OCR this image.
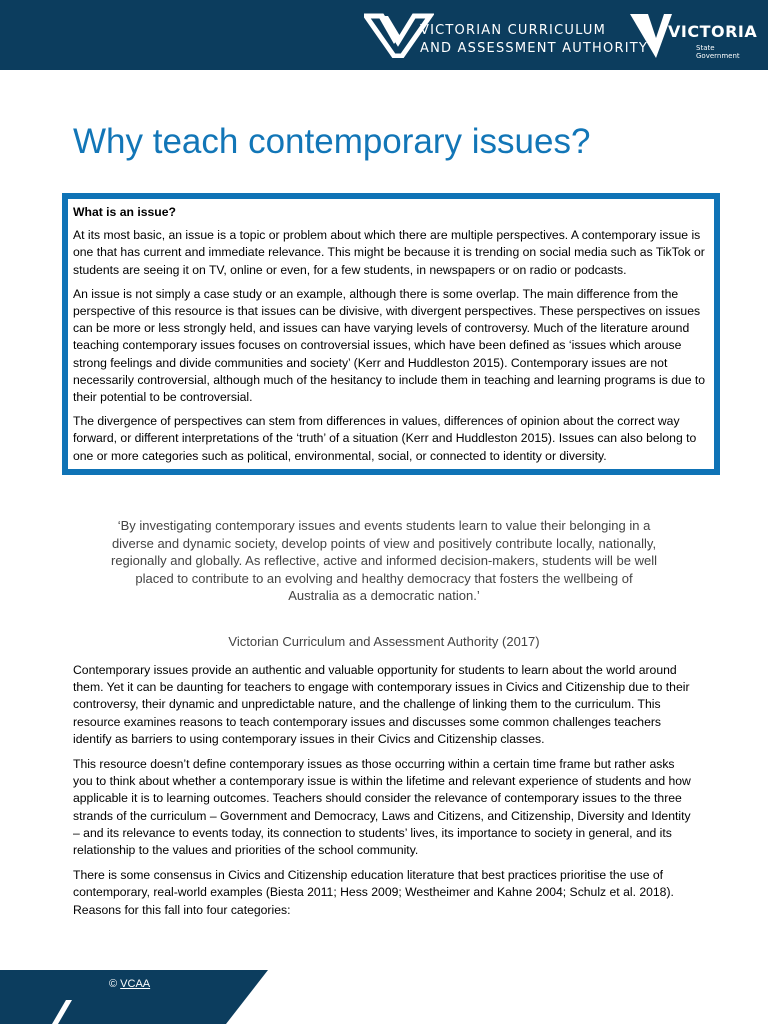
VICTORIAN CURRICULUM
AND ASSESSMENT AUTHORITY
VICTORIA
State
Government
Why teach contemporary issues?

What is an issue?

At its most basic, an issue is a topic or problem about which there are multiple perspectives. A contemporary issue is one that has current and immediate relevance. This might be because it is trending on social media such as TikTok or students are seeing it on TV, online or even, for a few students, in newspapers or on radio or podcasts.

An issue is not simply a case study or an example, although there is some overlap. The main difference from the perspective of this resource is that issues can be divisive, with divergent perspectives. These perspectives on issues can be more or less strongly held, and issues can have varying levels of controversy. Much of the literature around teaching contemporary issues focuses on controversial issues, which have been defined as ‘issues which arouse strong feelings and divide communities and society’ (Kerr and Huddleston 2015). Contemporary issues are not necessarily controversial, although much of the hesitancy to include them in teaching and learning programs is due to their potential to be controversial.

The divergence of perspectives can stem from differences in values, differences of opinion about the correct way forward, or different interpretations of the ‘truth’ of a situation (Kerr and Huddleston 2015). Issues can also belong to one or more categories such as political, environmental, social, or connected to identity or diversity.

‘By investigating contemporary issues and events students learn to value their belonging in a diverse and dynamic society, develop points of view and positively contribute locally, nationally, regionally and globally. As reflective, active and informed decision-makers, students will be well placed to contribute to an evolving and healthy democracy that fosters the wellbeing of Australia as a democratic nation.’
Victorian Curriculum and Assessment Authority (2017)

Contemporary issues provide an authentic and valuable opportunity for students to learn about the world around them. Yet it can be daunting for teachers to engage with contemporary issues in Civics and Citizenship due to their controversy, their dynamic and unpredictable nature, and the challenge of linking them to the curriculum. This resource examines reasons to teach contemporary issues and discusses some common challenges teachers identify as barriers to using contemporary issues in their Civics and Citizenship classes.

This resource doesn’t define contemporary issues as those occurring within a certain time frame but rather asks you to think about whether a contemporary issue is within the lifetime and relevant experience of students and how applicable it is to learning outcomes. Teachers should consider the relevance of contemporary issues to the three strands of the curriculum – Government and Democracy, Laws and Citizens, and Citizenship, Diversity and Identity – and its relevance to events today, its connection to students’ lives, its importance to society in general, and its relationship to the values and priorities of the school community.

There is some consensus in Civics and Citizenship education literature that best practices prioritise the use of contemporary, real-world examples (Biesta 2011; Hess 2009; Westheimer and Kahne 2004; Schulz et al. 2018). Reasons for this fall into four categories:

© VCAA
